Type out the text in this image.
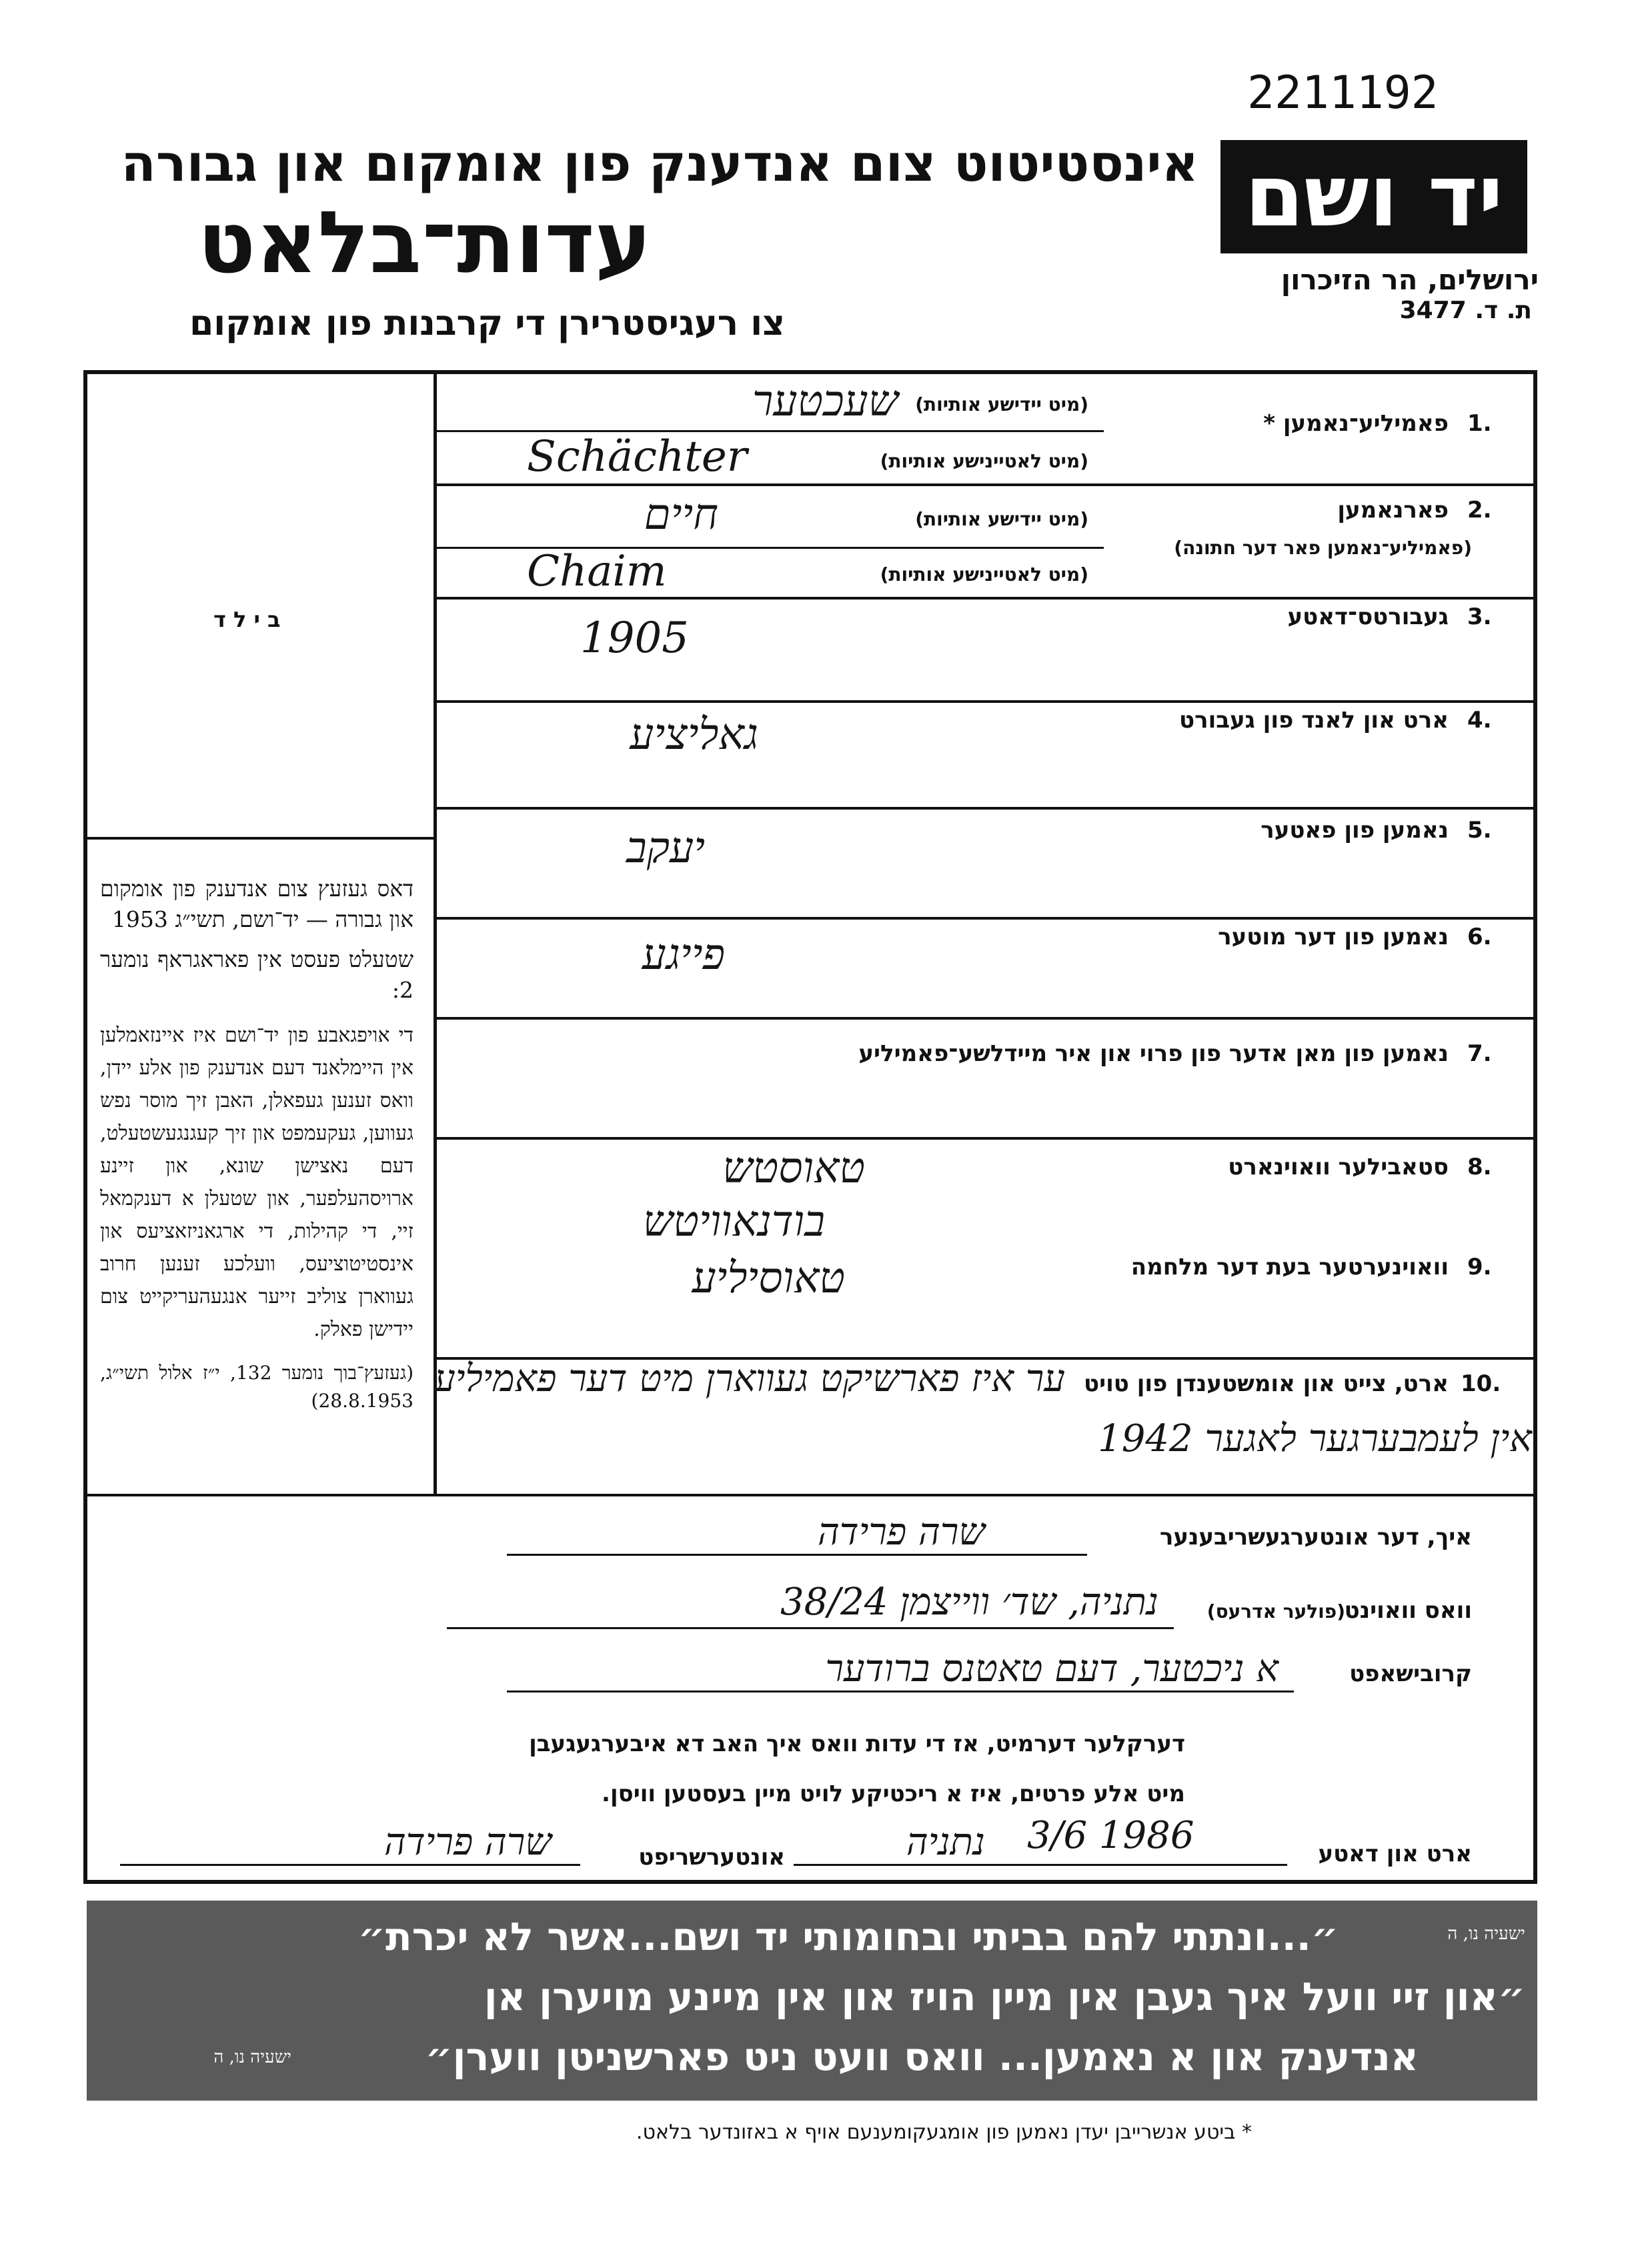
2211192
אינסטיטוט צום אנדענק פון אומקום און גבורה
עדות־בלאט
צו רעגיסטרירן די קרבנות פון אומקום
יד ושם
ירושלים, הר הזיכרון
ת. ד. 3477
ב י ל ד
דאס געזעץ צום אנדענק פון אומקום און גבורה — יד־ושם, תשי״ג 1953
שטעלט פעסט אין פאראגראף נומער 2:
די אויפגאבע פון יד־ושם איז איינזאמלען אין היימלאנד דעם אנדענק פון אלע יידן, וואס זענען געפאלן, האבן זיך מוסר נפש געווען, געקעמפט און זיך קעגנגעשטעלט, דעם נאצישן שונא, און זיינע ארויסהעלפער, און שטעלן א דענקמאל זיי, די קהילות, די ארגאניזאציעס און אינסטיטוציעס, וועלכע זענען חרוב געווארן צוליב זייער אנגעהעריקייט צום יידישן פאלק.
(געזעץ־בוך נומער 132, י״ז אלול תשי״ג, 28.8.1953)
1.
פאמיליע־נאמען *
(מיט יידישע אותיות)
שעכטער
(מיט לאטיינישע אותיות)
Schächter
2.
פארנאמען
(פאמיליע־נאמען פאר דער חתונה)
(מיט יידישע אותיות)
חיים
(מיט לאטיינישע אותיות)
Chaim
3.
געבורטס־דאטע
1905
4.
ארט און לאנד פון געבורט
גאליציע
5.
נאמען פון פאטער
יעקב
6.
נאמען פון דער מוטער
פייגע
7.
נאמען פון מאן אדער פון פרוי און איר מיידלשע־פאמיליע
8.
סטאבילער וואוינארט
טאוסטש
בודנאוויטש
9.
וואוינערטער בעת דער מלחמה
טאוסיליע
10.
ארט, צייט און אומשטענדן פון טויט
ער איז פארשיקט געווארן מיט דער פאמיליע
אין לעמבערגער לאגער 1942
איך, דער אונטערגעשריבענער
שרה פרידה
וואס וואוינט
(פולער אדרעס)
נתניה, שד׳ ווייצמן 38/24
קרובישאפט
א ניכטער, דעם טאטנס ברודער
דערקלער דערמיט, אז די עדות וואס איך האב דא איבערגעגעבן
מיט אלע פרטים, איז א ריכטיקע לויט מיין בעסטען וויסן.
ארט און דאטע
נתניה 3/6 1986
אונטערשריפט
שרה פרידה
״...ונתתי להם בביתי ובחומותי יד ושם...אשר לא יכרת״	ישעיה נו, ה
״און זיי וועל איך געבן אין מיין הויז און אין מיינע מויערן אן
אנדענק און א נאמען... וואס וועט ניט פארשניטן ווערן״
ישעיה נו, ה
* ביטע אנשרייבן יעדן נאמען פון אומגעקומענעם אויף א באזונדער בלאט.
